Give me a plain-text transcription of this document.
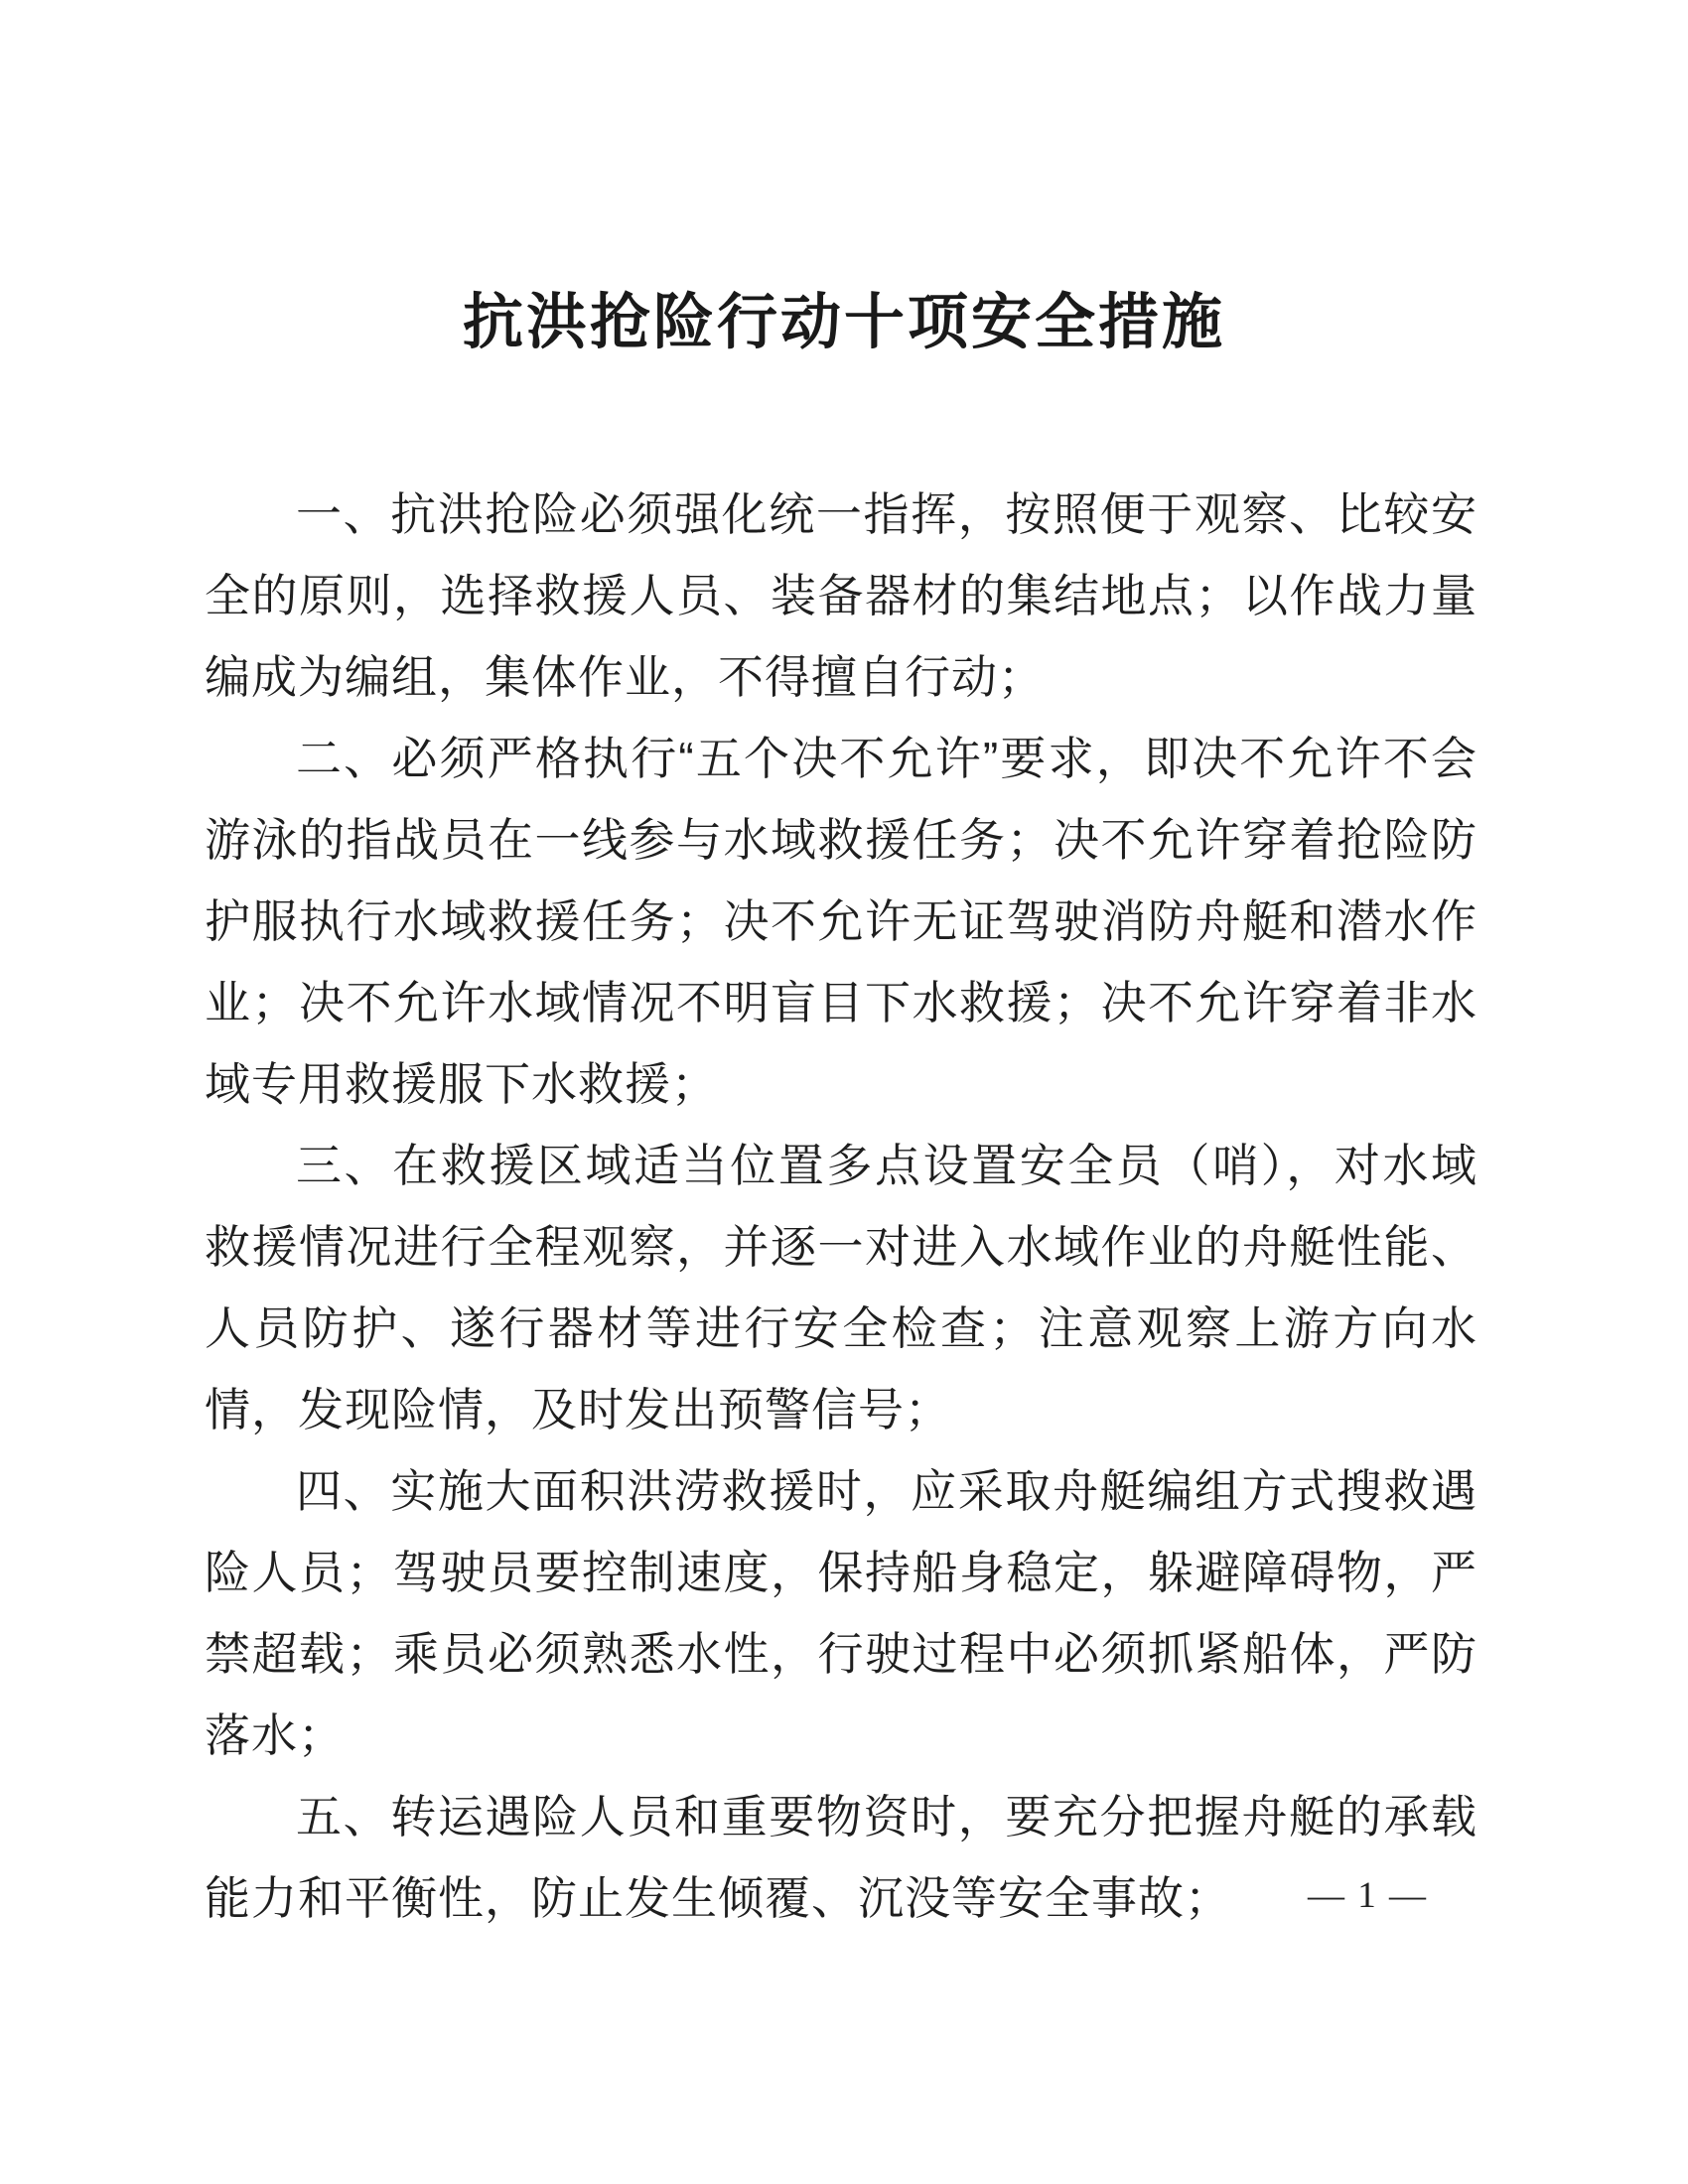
抗洪抢险行动十项安全措施

一、抗洪抢险必须强化统一指挥，按照便于观察、比较安全的原则，选择救援人员、装备器材的集结地点；以作战力量编成为编组，集体作业，不得擅自行动；

二、必须严格执行“五个决不允许”要求，即决不允许不会游泳的指战员在一线参与水域救援任务；决不允许穿着抢险防护服执行水域救援任务；决不允许无证驾驶消防舟艇和潜水作业；决不允许水域情况不明盲目下水救援；决不允许穿着非水域专用救援服下水救援；

三、在救援区域适当位置多点设置安全员（哨），对水域救援情况进行全程观察，并逐一对进入水域作业的舟艇性能、人员防护、遂行器材等进行安全检查；注意观察上游方向水情，发现险情，及时发出预警信号；

四、实施大面积洪涝救援时，应采取舟艇编组方式搜救遇险人员；驾驶员要控制速度，保持船身稳定，躲避障碍物，严禁超载；乘员必须熟悉水性，行驶过程中必须抓紧船体，严防落水；

五、转运遇险人员和重要物资时，要充分把握舟艇的承载能力和平衡性，防止发生倾覆、沉没等安全事故；	— 1 —
